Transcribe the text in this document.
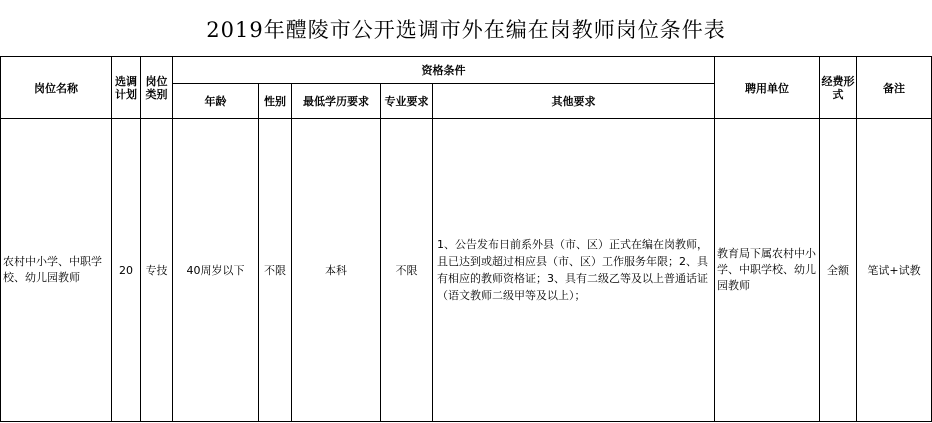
2019年醴陵市公开选调市外在编在岗教师岗位条件表
岗位名称	选调计划	岗位类别	资格条件					聘用单位	经费形式	备注
			年龄	性别	最低学历要求	专业要求	其他要求			
农村中小学、中职学校、幼儿园教师	20	专技	40周岁以下	不限	本科	不限	1、公告发布日前系外县（市、区）正式在编在岗教师，且已达到或超过相应县（市、区）工作服务年限；2、具有相应的教师资格证；3、具有二级乙等及以上普通话证（语文教师二级甲等及以上）；	教育局下属农村中小学、中职学校、幼儿园教师	全额	笔试+试教
